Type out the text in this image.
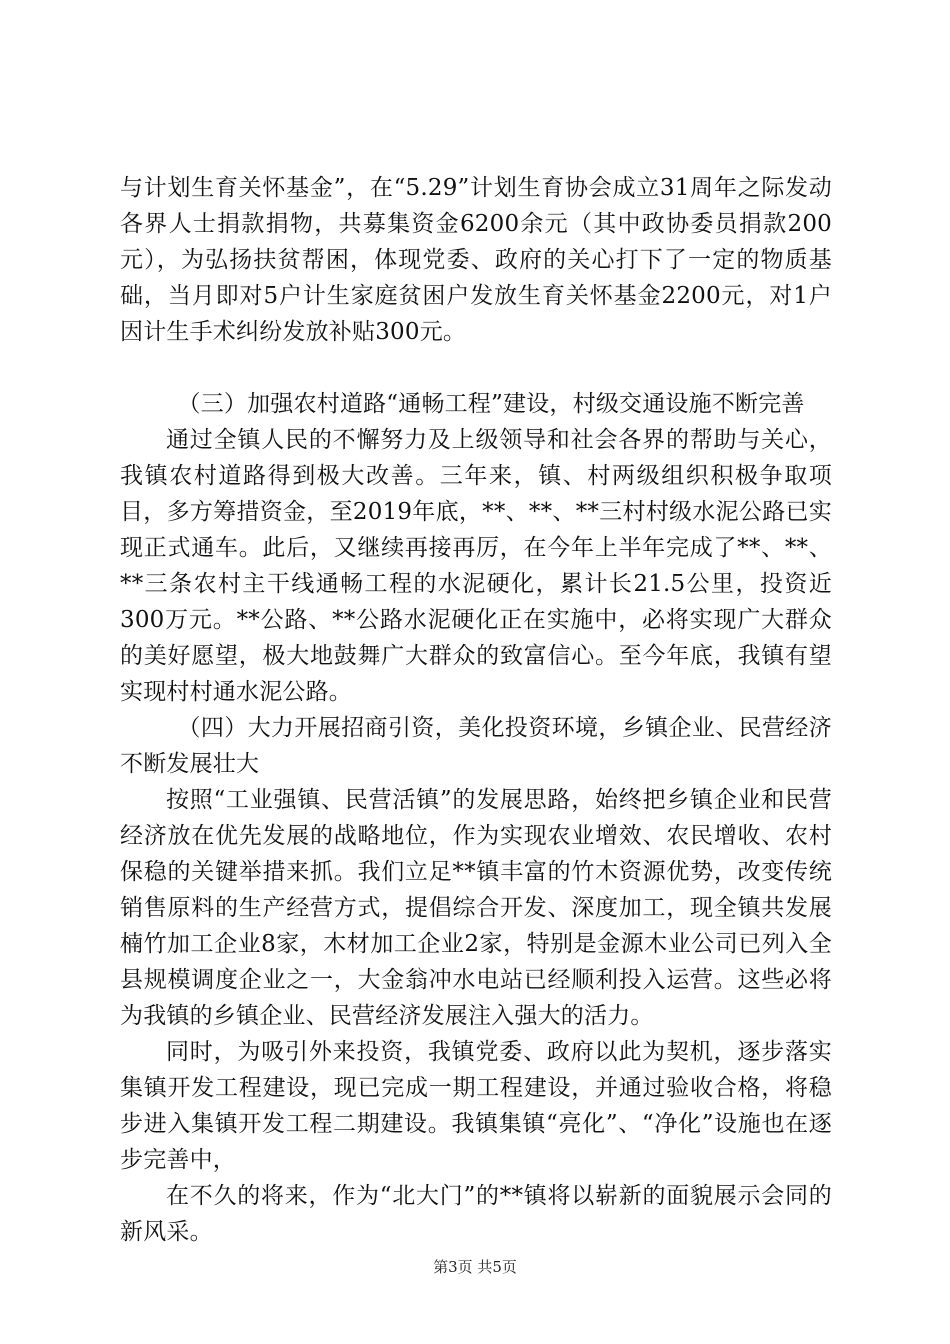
与计划生育关怀基金”，在“5.29”计划生育协会成立31周年之际发动各界人士捐款捐物，共募集资金6200余元（其中政协委员捐款200元），为弘扬扶贫帮困，体现党委、政府的关心打下了一定的物质基础，当月即对5户计生家庭贫困户发放生育关怀基金2200元，对1户因计生手术纠纷发放补贴300元。

（三）加强农村道路“通畅工程”建设，村级交通设施不断完善

通过全镇人民的不懈努力及上级领导和社会各界的帮助与关心，我镇农村道路得到极大改善。三年来，镇、村两级组织积极争取项目，多方筹措资金，至2019年底，**、**、**三村村级水泥公路已实现正式通车。此后，又继续再接再厉，在今年上半年完成了**、**、**三条农村主干线通畅工程的水泥硬化，累计长21.5公里，投资近300万元。**公路、**公路水泥硬化正在实施中，必将实现广大群众的美好愿望，极大地鼓舞广大群众的致富信心。至今年底，我镇有望实现村村通水泥公路。

（四）大力开展招商引资，美化投资环境，乡镇企业、民营经济不断发展壮大

按照“工业强镇、民营活镇”的发展思路，始终把乡镇企业和民营经济放在优先发展的战略地位，作为实现农业增效、农民增收、农村保稳的关键举措来抓。我们立足**镇丰富的竹木资源优势，改变传统销售原料的生产经营方式，提倡综合开发、深度加工，现全镇共发展楠竹加工企业8家，木材加工企业2家，特别是金源木业公司已列入全县规模调度企业之一，大金翁冲水电站已经顺利投入运营。这些必将为我镇的乡镇企业、民营经济发展注入强大的活力。

同时，为吸引外来投资，我镇党委、政府以此为契机，逐步落实集镇开发工程建设，现已完成一期工程建设，并通过验收合格，将稳步进入集镇开发工程二期建设。我镇集镇“亮化”、“净化”设施也在逐步完善中，

在不久的将来，作为“北大门”的**镇将以崭新的面貌展示会同的新风采。

第3页 共5页
